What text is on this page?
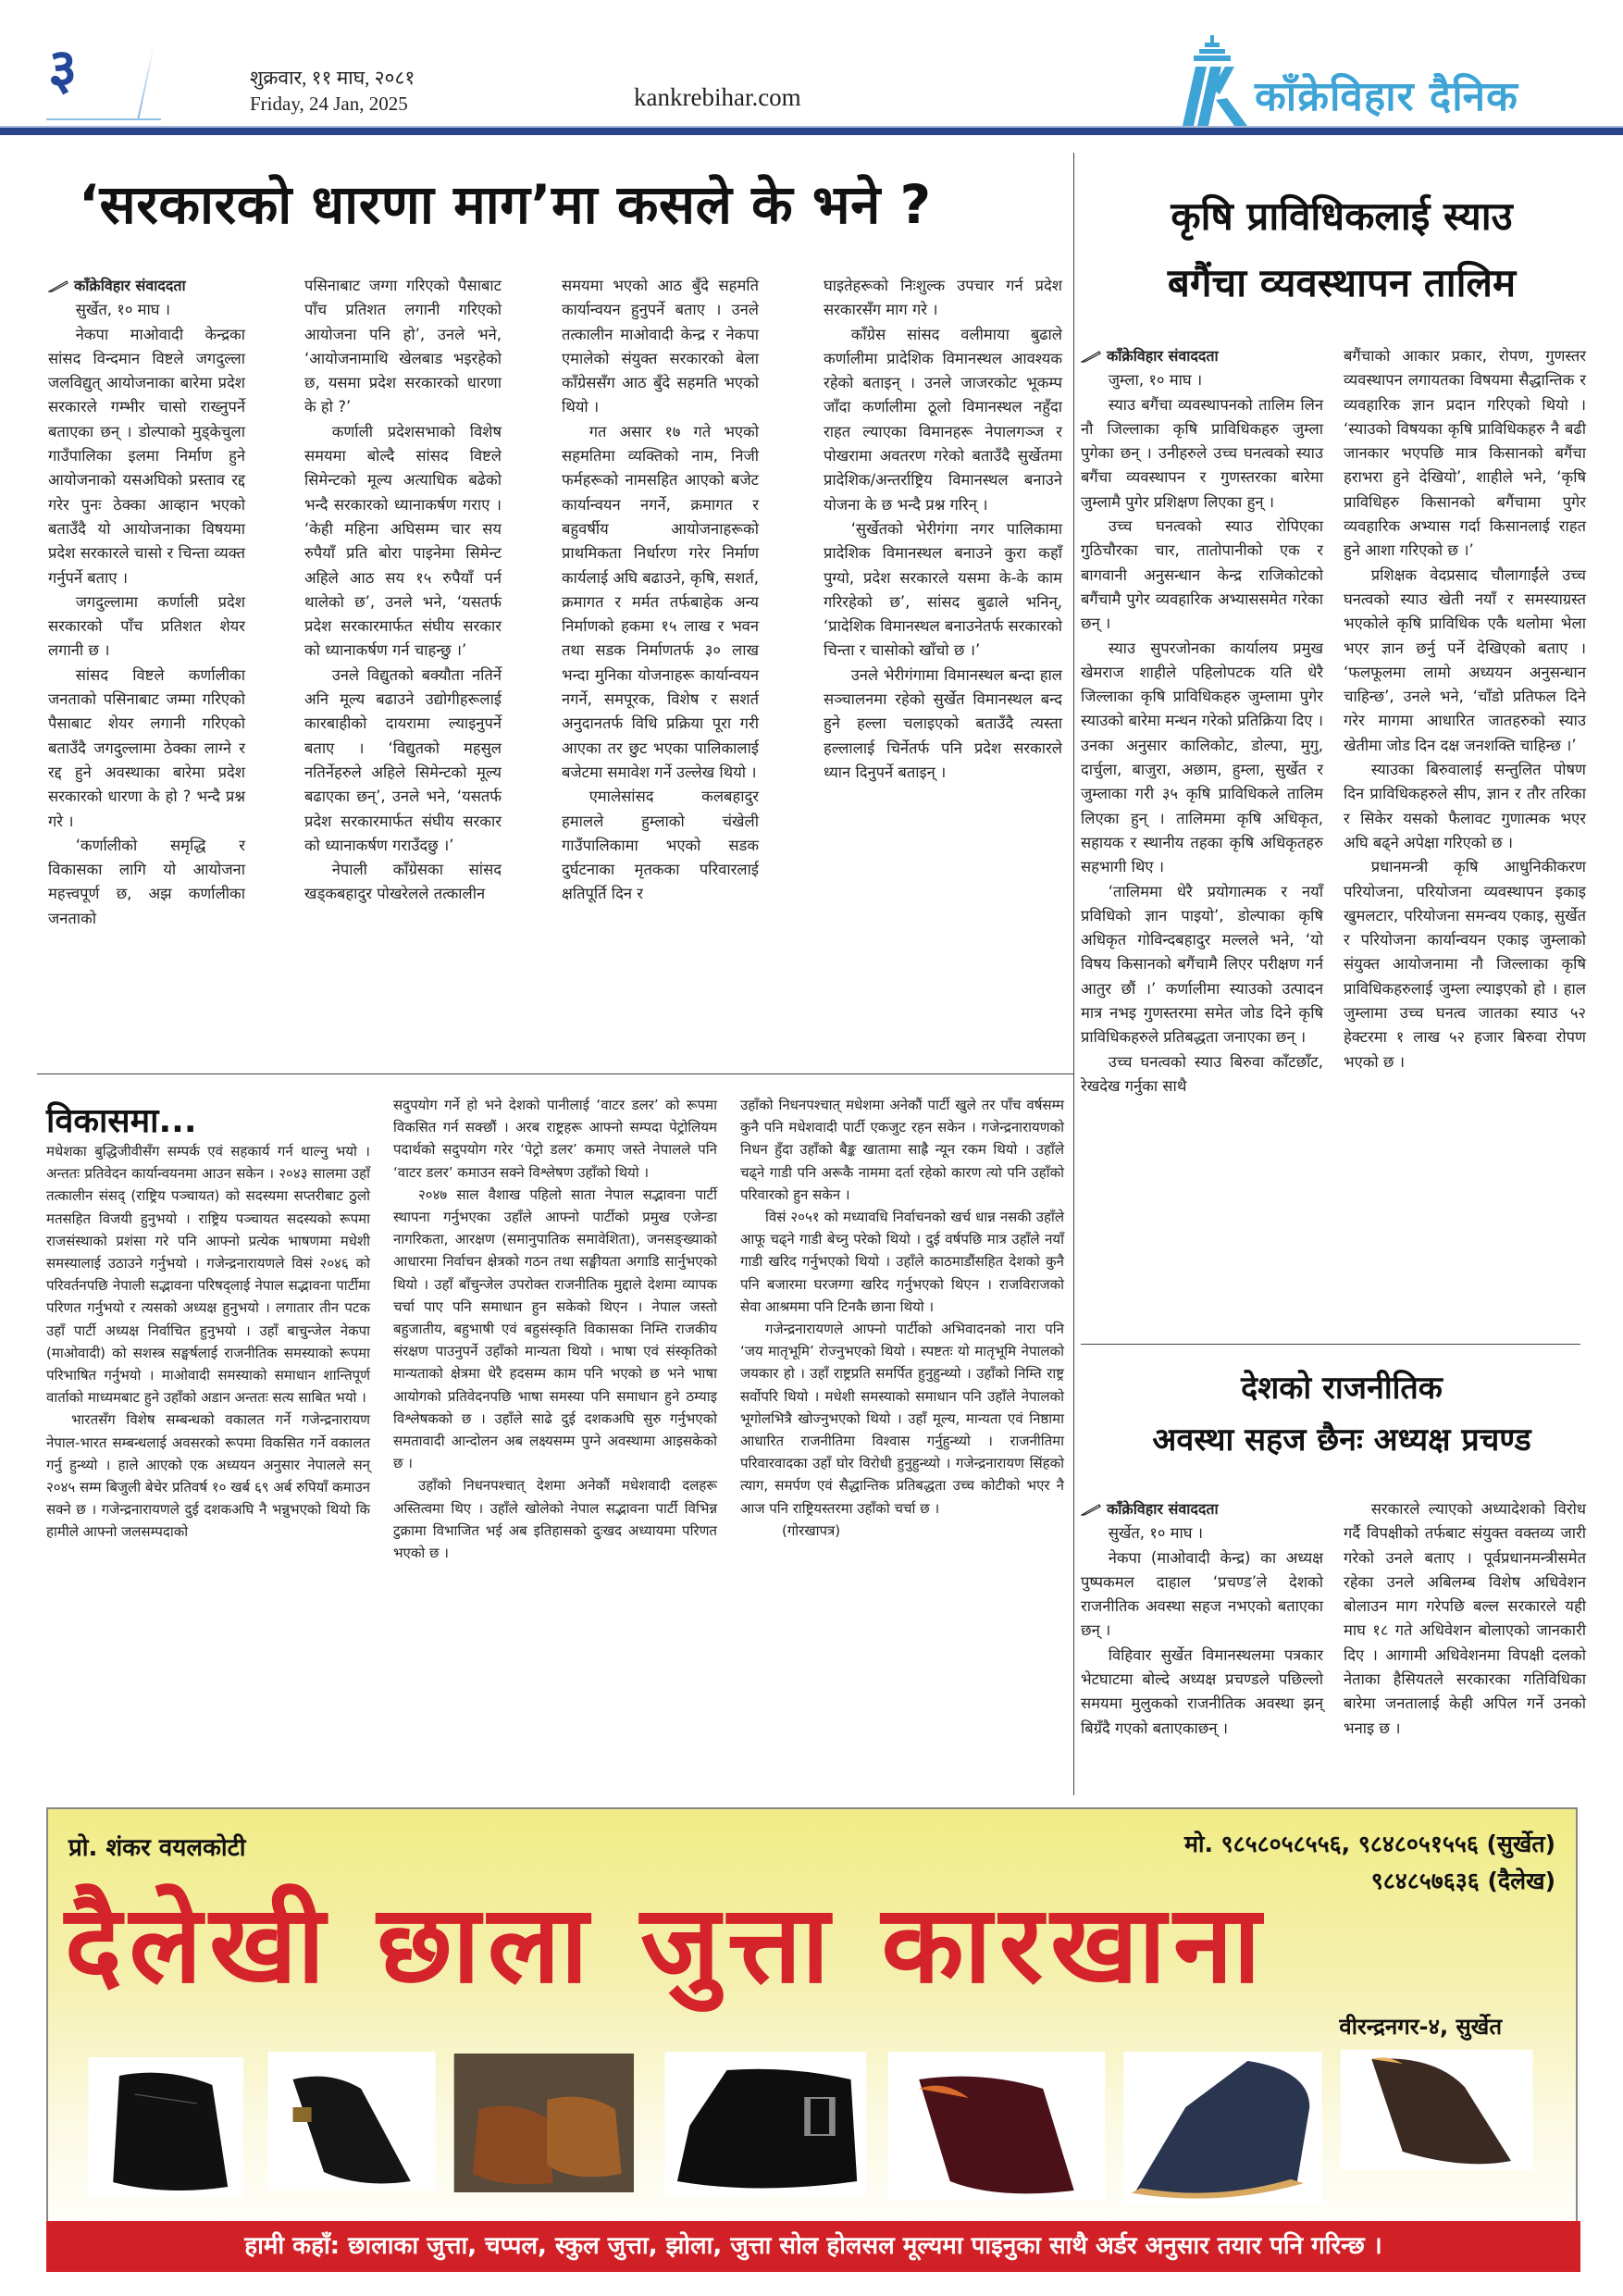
३	शुक्रवार, ११ माघ, २०८१
Friday, 24 Jan, 2025	kankrebihar.com	काँक्रेविहार दैनिक
‘सरकारको धारणा माग’मा कसले के भने ?

काँक्रेविहार संवाददता

सुर्खेत, १० माघ ।

नेकपा माओवादी केन्द्रका सांसद विन्दमान विष्टले जगदुल्ला जलविद्युत् आयोजनाका बारेमा प्रदेश सरकारले गम्भीर चासो राख्नुपर्ने बताएका छन् । डोल्पाको मुड्केचुला गाउँपालिका इलमा निर्माण हुने आयोजनाको यसअघिको प्रस्ताव रद्द गरेर पुनः ठेक्का आव्हान भएको बताउँदै यो आयोजनाका विषयमा प्रदेश सरकारले चासो र चिन्ता व्यक्त गर्नुपर्ने बताए ।

जगदुल्लामा कर्णाली प्रदेश सरकारको पाँच प्रतिशत शेयर लगानी छ ।

सांसद विष्टले कर्णालीका जनताको पसिनाबाट जम्मा गरिएको पैसाबाट शेयर लगानी गरिएको बताउँदै जगदुल्लामा ठेक्का लाग्ने र रद्द हुने अवस्थाका बारेमा प्रदेश सरकारको धारणा के हो ? भन्दै प्रश्न गरे ।

‘कर्णालीको समृद्धि र विकासका लागि यो आयोजना महत्त्वपूर्ण छ, अझ कर्णालीका जनताको

पसिनाबाट जग्गा गरिएको पैसाबाट पाँच प्रतिशत लगानी गरिएको आयोजना पनि हो’, उनले भने, ‘आयोजनामाथि खेलबाड भइरहेको छ, यसमा प्रदेश सरकारको धारणा के हो ?’

कर्णाली प्रदेशसभाको विशेष समयमा बोल्दै सांसद विष्टले सिमेन्टको मूल्य अत्याधिक बढेको भन्दै सरकारको ध्यानाकर्षण गराए । ‘केही महिना अघिसम्म चार सय रुपैयाँ प्रति बोरा पाइनेमा सिमेन्ट अहिले आठ सय १५ रुपैयाँ पर्न थालेको छ’, उनले भने, ‘यसतर्फ प्रदेश सरकारमार्फत संघीय सरकार को ध्यानाकर्षण गर्न चाहन्छु ।’

उनले विद्युतको बक्यौता नतिर्ने अनि मूल्य बढाउने उद्योगीहरूलाई कारबाहीको दायरामा ल्याइनुपर्ने बताए । ‘विद्युतको महसुल नतिर्नेहरुले अहिले सिमेन्टको मूल्य बढाएका छन्’, उनले भने, ‘यसतर्फ प्रदेश सरकारमार्फत संघीय सरकार को ध्यानाकर्षण गराउँदछु ।’

नेपाली काँग्रेसका सांसद खड्कबहादुर पोखरेलले तत्कालीन

समयमा भएको आठ बुँदे सहमति कार्यान्वयन हुनुपर्ने बताए । उनले तत्कालीन माओवादी केन्द्र र नेकपा एमालेको संयुक्त सरकारको बेला काँग्रेससँग आठ बुँदे सहमति भएको थियो ।

गत असार १७ गते भएको सहमतिमा व्यक्तिको नाम, निजी फर्महरूको नामसहित आएको बजेट कार्यान्वयन नगर्ने, क्रमागत र बहुवर्षीय आयोजनाहरूको प्राथमिकता निर्धारण गरेर निर्माण कार्यलाई अघि बढाउने, कृषि, सशर्त, क्रमागत र मर्मत तर्फबाहेक अन्य निर्माणको हकमा १५ लाख र भवन तथा सडक निर्माणतर्फ ३० लाख भन्दा मुनिका योजनाहरू कार्यान्वयन नगर्ने, समपूरक, विशेष र सशर्त अनुदानतर्फ विधि प्रक्रिया पूरा गरी आएका तर छुट भएका पालिकालाई बजेटमा समावेश गर्ने उल्लेख थियो ।

एमालेसांसद कलबहादुर हमालले हुम्लाको चंखेली गाउँपालिकामा भएको सडक दुर्घटनाका मृतकका परिवारलाई क्षतिपूर्ति दिन र

घाइतेहरूको निःशुल्क उपचार गर्न प्रदेश सरकारसँग माग गरे ।

काँग्रेस सांसद वलीमाया बुढाले कर्णालीमा प्रादेशिक विमानस्थल आवश्यक रहेको बताइन् । उनले जाजरकोट भूकम्प जाँदा कर्णालीमा ठूलो विमानस्थल नहुँदा राहत ल्याएका विमानहरू नेपालगञ्ज र पोखरामा अवतरण गरेको बताउँदै सुर्खेतमा प्रादेशिक/अन्तर्राष्ट्रिय विमानस्थल बनाउने योजना के छ भन्दै प्रश्न गरिन् ।

‘सुर्खेतको भेरीगंगा नगर पालिकामा प्रादेशिक विमानस्थल बनाउने कुरा कहाँ पुग्यो, प्रदेश सरकारले यसमा के-के काम गरिरहेको छ’, सांसद बुढाले भनिन्, ‘प्रादेशिक विमानस्थल बनाउनेतर्फ सरकारको चिन्ता र चासोको खाँचो छ ।’

उनले भेरीगंगामा विमानस्थल बन्दा हाल सञ्चालनमा रहेको सुर्खेत विमानस्थल बन्द हुने हल्ला चलाइएको बताउँदै त्यस्ता हल्लालाई चिर्नेतर्फ पनि प्रदेश सरकारले ध्यान दिनुपर्ने बताइन् ।

कृषि प्राविधिकलाई स्याउ
बगैंचा व्यवस्थापन तालिम

काँक्रेविहार संवाददता

जुम्ला, १० माघ ।

स्याउ बगैंचा व्यवस्थापनको तालिम लिन नौ जिल्लाका कृषि प्राविधिकहरु जुम्ला पुगेका छन् । उनीहरुले उच्च घनत्वको स्याउ बगैंचा व्यवस्थापन र गुणस्तरका बारेमा जुम्लामै पुगेर प्रशिक्षण लिएका हुन् ।

उच्च घनत्वको स्याउ रोपिएका गुठिचौरका चार, तातोपानीको एक र बागवानी अनुसन्धान केन्द्र राजिकोटको बगैंचामै पुगेर व्यवहारिक अभ्याससमेत गरेका छन् ।

स्याउ सुपरजोनका कार्यालय प्रमुख खेमराज शाहीले पहिलोपटक यति धेरै जिल्लाका कृषि प्राविधिकहरु जुम्लामा पुगेर स्याउको बारेमा मन्थन गरेको प्रतिक्रिया दिए । उनका अनुसार कालिकोट, डोल्पा, मुगु, दार्चुला, बाजुरा, अछाम, हुम्ला, सुर्खेत र जुम्लाका गरी ३५ कृषि प्राविधिकले तालिम लिएका हुन् । तालिममा कृषि अधिकृत, सहायक र स्थानीय तहका कृषि अधिकृतहरु सहभागी थिए ।

‘तालिममा धेरै प्रयोगात्मक र नयाँ प्रविधिको ज्ञान पाइयो’, डोल्पाका कृषि अधिकृत गोविन्दबहादुर मल्लले भने, ‘यो विषय किसानको बगैंचामै लिएर परीक्षण गर्न आतुर छौं ।’ कर्णालीमा स्याउको उत्पादन मात्र नभइ गुणस्तरमा समेत जोड दिने कृषि प्राविधिकहरुले प्रतिबद्धता जनाएका छन् ।

उच्च घनत्वको स्याउ बिरुवा काँटछाँट, रेखदेख गर्नुका साथै

बगैंचाको आकार प्रकार, रोपण, गुणस्तर व्यवस्थापन लगायतका विषयमा सैद्धान्तिक र व्यवहारिक ज्ञान प्रदान गरिएको थियो । ‘स्याउको विषयका कृषि प्राविधिकहरु नै बढी जानकार भएपछि मात्र किसानको बगैंचा हराभरा हुने देखियो’, शाहीले भने, ‘कृषि प्राविधिहरु किसानको बगैंचामा पुगेर व्यवहारिक अभ्यास गर्दा किसानलाई राहत हुने आशा गरिएको छ ।’

प्रशिक्षक वेदप्रसाद चौलागाईंले उच्च घनत्वको स्याउ खेती नयाँ र समस्याग्रस्त भएकोले कृषि प्राविधिक एकै थलोमा भेला भएर ज्ञान छर्नु पर्ने देखिएको बताए । ‘फलफूलमा लामो अध्ययन अनुसन्धान चाहिन्छ’, उनले भने, ‘चाँडो प्रतिफल दिने गरेर मागमा आधारित जातहरुको स्याउ खेतीमा जोड दिन दक्ष जनशक्ति चाहिन्छ ।’

स्याउका बिरुवालाई सन्तुलित पोषण दिन प्राविधिकहरुले सीप, ज्ञान र तौर तरिका र सिकेर यसको फैलावट गुणात्मक भएर अघि बढ्ने अपेक्षा गरिएको छ ।

प्रधानमन्त्री कृषि आधुनिकीकरण परियोजना, परियोजना व्यवस्थापन इकाइ खुमलटार, परियोजना समन्वय एकाइ, सुर्खेत र परियोजना कार्यान्वयन एकाइ जुम्लाको संयुक्त आयोजनामा नौ जिल्लाका कृषि प्राविधिकहरुलाई जुम्ला ल्याइएको हो । हाल जुम्लामा उच्च घनत्व जातका स्याउ ५२ हेक्टरमा १ लाख ५२ हजार बिरुवा रोपण भएको छ ।

विकासमा...

मधेशका बुद्धिजीवीसँग सम्पर्क एवं सहकार्य गर्न थाल्नु भयो । अन्ततः प्रतिवेदन कार्यान्वयनमा आउन सकेन । २०४३ सालमा उहाँ तत्कालीन संसद् (राष्ट्रिय पञ्चायत) को सदस्यमा सप्तरीबाट ठुलो मतसहित विजयी हुनुभयो । राष्ट्रिय पञ्चायत सदस्यको रूपमा राजसंस्थाको प्रशंसा गरे पनि आफ्नो प्रत्येक भाषणमा मधेशी समस्यालाई उठाउने गर्नुभयो । गजेन्द्रनारायणले विसं २०४६ को परिवर्तनपछि नेपाली सद्भावना परिषद्लाई नेपाल सद्भावना पार्टीमा परिणत गर्नुभयो र त्यसको अध्यक्ष हुनुभयो । लगातार तीन पटक उहाँ पार्टी अध्यक्ष निर्वाचित हुनुभयो । उहाँ बाचुन्जेल नेकपा (माओवादी) को सशस्त्र सङ्घर्षलाई राजनीतिक समस्याको रूपमा परिभाषित गर्नुभयो । माओवादी समस्याको समाधान शान्तिपूर्ण वार्ताको माध्यमबाट हुने उहाँको अडान अन्ततः सत्य साबित भयो ।

भारतसँग विशेष सम्बन्धको वकालत गर्ने गजेन्द्रनारायण नेपाल-भारत सम्बन्धलाई अवसरको रूपमा विकसित गर्ने वकालत गर्नु हुन्थ्यो । हाले आएको एक अध्ययन अनुसार नेपालले सन् २०४५ सम्म बिजुली बेचेर प्रतिवर्ष १० खर्ब ६९ अर्ब रुपियाँ कमाउन सक्ने छ । गजेन्द्रनारायणले दुई दशकअघि नै भन्नुभएको थियो कि हामीले आफ्नो जलसम्पदाको

सदुपयोग गर्ने हो भने देशको पानीलाई ‘वाटर डलर’ को रूपमा विकसित गर्न सक्छौं । अरब राष्ट्रहरू आफ्नो सम्पदा पेट्रोलियम पदार्थको सदुपयोग गरेर ‘पेट्रो डलर’ कमाए जस्ते नेपालले पनि ‘वाटर डलर’ कमाउन सक्ने विश्लेषण उहाँको थियो ।

२०४७ साल वैशाख पहिलो साता नेपाल सद्भावना पार्टी स्थापना गर्नुभएका उहाँले आफ्नो पार्टीको प्रमुख एजेन्डा नागरिकता, आरक्षण (समानुपातिक समावेशिता), जनसङ्ख्याको आधारमा निर्वाचन क्षेत्रको गठन तथा सङ्घीयता अगाडि सार्नुभएको थियो । उहाँ बाँचुन्जेल उपरोक्त राजनीतिक मुद्दाले देशमा व्यापक चर्चा पाए पनि समाधान हुन सकेको थिएन । नेपाल जस्तो बहुजातीय, बहुभाषी एवं बहुसंस्कृति विकासका निम्ति राजकीय संरक्षण पाउनुपर्ने उहाँको मान्यता थियो । भाषा एवं संस्कृतिको मान्यताको क्षेत्रमा धेरै हदसम्म काम पनि भएको छ भने भाषा आयोगको प्रतिवेदनपछि भाषा समस्या पनि समाधान हुने ठम्याइ विश्लेषकको छ । उहाँले साढे दुई दशकअघि सुरु गर्नुभएको समतावादी आन्दोलन अब लक्ष्यसम्म पुग्ने अवस्थामा आइसकेको छ ।

उहाँको निधनपश्चात् देशमा अनेकौं मधेशवादी दलहरू अस्तित्वमा थिए । उहाँले खोलेको नेपाल सद्भावना पार्टी विभिन्न टुक्रामा विभाजित भई अब इतिहासको दुःखद अध्यायमा परिणत भएको छ ।

उहाँको निधनपश्चात् मधेशमा अनेकौं पार्टी खुले तर पाँच वर्षसम्म कुनै पनि मधेशवादी पार्टी एकजुट रहन सकेन । गजेन्द्रनारायणको निधन हुँदा उहाँको बैङ्क खातामा साह्रै न्यून रकम थियो । उहाँले चढ्ने गाडी पनि अरूकै नाममा दर्ता रहेको कारण त्यो पनि उहाँको परिवारको हुन सकेन ।

विसं २०५१ को मध्यावधि निर्वाचनको खर्च धान्न नसकी उहाँले आफू चढ्ने गाडी बेच्नु परेको थियो । दुई वर्षपछि मात्र उहाँले नयाँ गाडी खरिद गर्नुभएको थियो । उहाँले काठमाडौंसहित देशको कुनै पनि बजारमा घरजग्गा खरिद गर्नुभएको थिएन । राजविराजको सेवा आश्रममा पनि टिनकै छाना थियो ।

गजेन्द्रनारायणले आफ्नो पार्टीको अभिवादनको नारा पनि ‘जय मातृभूमि’ रोज्नुभएको थियो । स्पष्टतः यो मातृभूमि नेपालको जयकार हो । उहाँ राष्ट्रप्रति समर्पित हुनुहुन्थ्यो । उहाँको निम्ति राष्ट्र सर्वोपरि थियो । मधेशी समस्याको समाधान पनि उहाँले नेपालको भूगोलभित्रै खोज्नुभएको थियो । उहाँ मूल्य, मान्यता एवं निष्ठामा आधारित राजनीतिमा विश्वास गर्नुहुन्थ्यो । राजनीतिमा परिवारवादका उहाँ घोर विरोधी हुनुहुन्थ्यो । गजेन्द्रनारायण सिंहको त्याग, समर्पण एवं सैद्धान्तिक प्रतिबद्धता उच्च कोटीको भएर नै आज पनि राष्ट्रियस्तरमा उहाँको चर्चा छ ।

(गोरखापत्र)

देशको राजनीतिक
अवस्था सहज छैनः अध्यक्ष प्रचण्ड

काँक्रेविहार संवाददता

सुर्खेत, १० माघ ।

नेकपा (माओवादी केन्द्र) का अध्यक्ष पुष्पकमल दाहाल ‘प्रचण्ड’ले देशको राजनीतिक अवस्था सहज नभएको बताएका छन् ।

विहिवार सुर्खेत विमानस्थलमा पत्रकार भेटघाटमा बोल्दे अध्यक्ष प्रचण्डले पछिल्लो समयमा मुलुकको राजनीतिक अवस्था झन् बिग्रँदै गएको बताएकाछन् ।

सरकारले ल्याएको अध्यादेशको विरोध गर्दै विपक्षीको तर्फबाट संयुक्त वक्तव्य जारी गरेको उनले बताए । पूर्वप्रधानमन्त्रीसमेत रहेका उनले अबिलम्ब विशेष अधिवेशन बोलाउन माग गरेपछि बल्ल सरकारले यही माघ १८ गते अधिवेशन बोलाएको जानकारी दिए । आगामी अधिवेशनमा विपक्षी दलको नेताका हैसियतले सरकारका गतिविधिका बारेमा जनतालाई केही अपिल गर्ने उनको भनाइ छ ।

प्रो. शंकर वयलकोटी	मो. ९८५८०५८५५६, ९८४८०५१५५६ (सुर्खेत)
९८४८५७६३६ (दैलेख)
दैलेखी छाला जुत्ता कारखाना
वीरन्द्रनगर-४, सुर्खेत
हामी कहाँ: छालाका जुत्ता, चप्पल, स्कुल जुत्ता, झोला, जुत्ता सोल होलसल मूल्यमा पाइनुका साथै अर्डर अनुसार तयार पनि गरिन्छ ।
